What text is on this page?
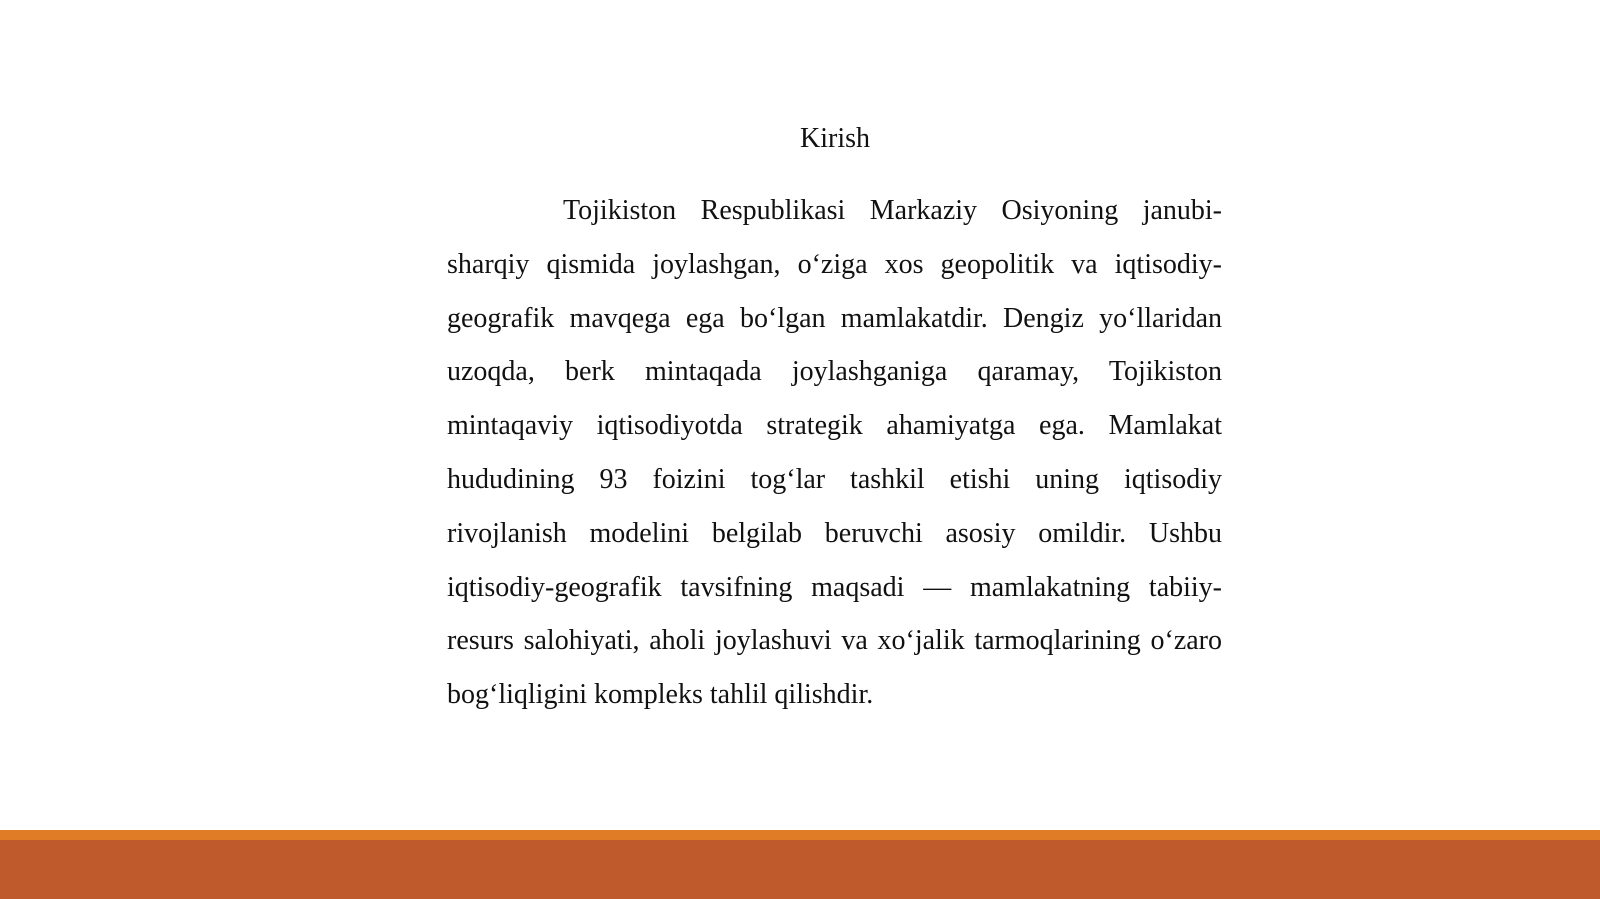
Kirish

Tojikiston Respublikasi Markaziy Osiyoning janubi-sharqiy qismida joylashgan, o‘ziga xos geopolitik va iqtisodiy-geografik mavqega ega bo‘lgan mamlakatdir. Dengiz yo‘llaridan uzoqda, berk mintaqada joylashganiga qaramay, Tojikiston mintaqaviy iqtisodiyotda strategik ahamiyatga ega. Mamlakat hududining 93 foizini tog‘lar tashkil etishi uning iqtisodiy rivojlanish modelini belgilab beruvchi asosiy omildir. Ushbu iqtisodiy-geografik tavsifning maqsadi — mamlakatning tabiiy-resurs salohiyati, aholi joylashuvi va xo‘jalik tarmoqlarining o‘zaro bog‘liqligini kompleks tahlil qilishdir.
